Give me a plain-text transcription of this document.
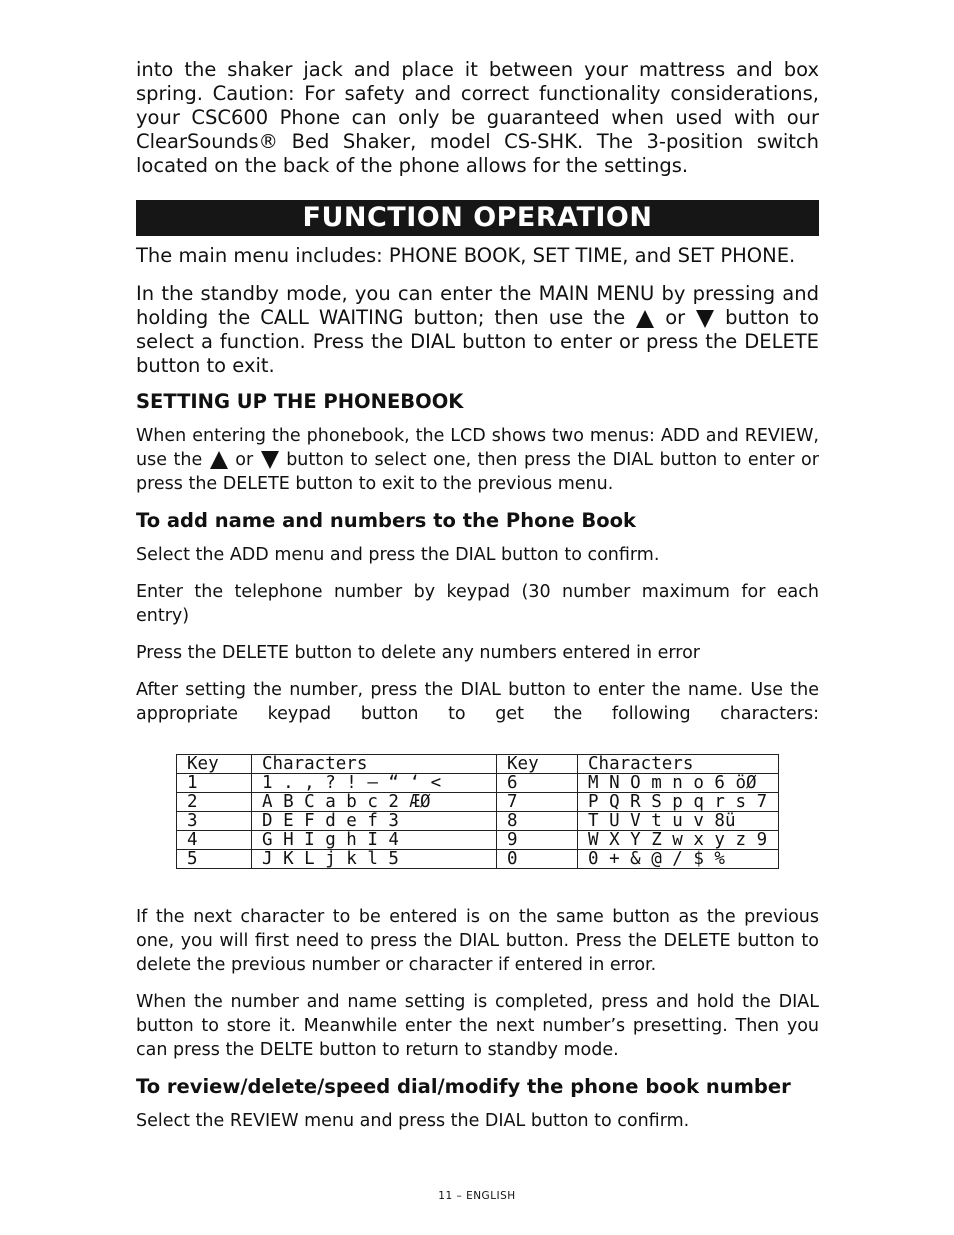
into the shaker jack and place it between your mattress and box spring. Caution: For safety and correct functionality considerations, your CSC600 Phone can only be guaranteed when used with our ClearSounds® Bed Shaker, model CS-SHK. The 3-position switch located on the back of the phone allows for the settings.

FUNCTION OPERATION

The main menu includes: PHONE BOOK, SET TIME, and SET PHONE.

In the standby mode, you can enter the MAIN MENU by pressing and holding the CALL WAITING button; then use the or button to select a function. Press the DIAL button to enter or press the DELETE button to exit.

SETTING UP THE PHONEBOOK

When entering the phonebook, the LCD shows two menus: ADD and REVIEW, use the or button to select one, then press the DIAL button to enter or press the DELETE button to exit to the previous menu.

To add name and numbers to the Phone Book

Select the ADD menu and press the DIAL button to confirm.

Enter the telephone number by keypad (30 number maximum for each entry)

Press the DELETE button to delete any numbers entered in error

After setting the number, press the DIAL button to enter the name. Use the appropriate keypad button to get the following characters:

Key	Characters	Key	Characters
1	1 . , ? ! – “ ‘ <	6	M N O m n o 6 öØ
2	A B C a b c 2 ÆØ	7	P Q R S p q r s 7
3	D E F d e f 3	8	T U V t u v 8ü
4	G H I g h I 4	9	W X Y Z w x y z 9
5	J K L j k l 5	0	0 + & @ / $ %

If the next character to be entered is on the same button as the previous one, you will first need to press the DIAL button. Press the DELETE button to delete the previous number or character if entered in error.

When the number and name setting is completed, press and hold the DIAL button to store it. Meanwhile enter the next number’s presetting. Then you can press the DELTE button to return to standby mode.

To review/delete/speed dial/modify the phone book number

Select the REVIEW menu and press the DIAL button to confirm.

11 – ENGLISH
